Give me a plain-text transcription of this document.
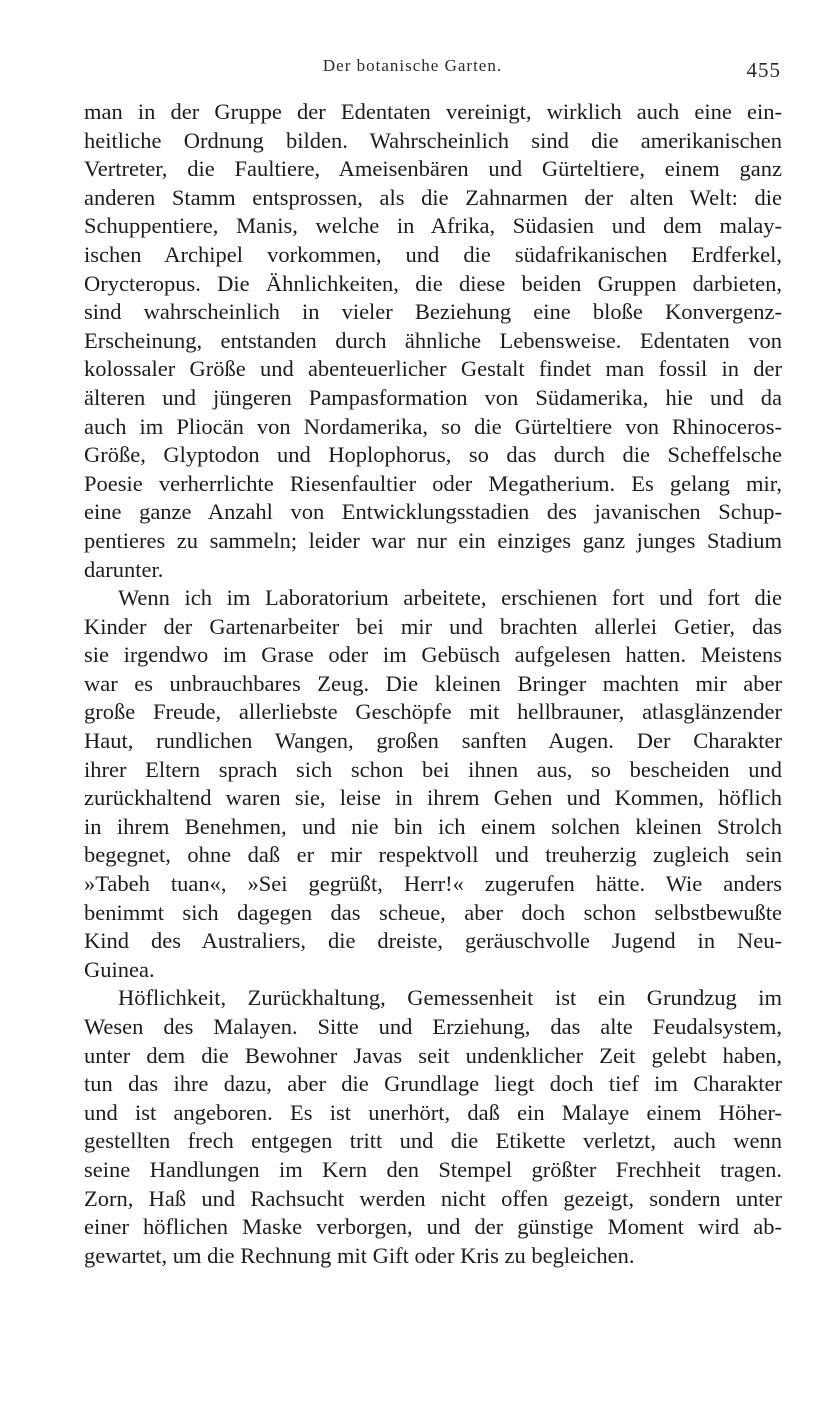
Der botanische Garten.	455
man in der Gruppe der Edentaten vereinigt, wirklich auch eine ein-
heitliche Ordnung bilden. Wahrscheinlich sind die amerikanischen
Vertreter, die Faultiere, Ameisenbären und Gürteltiere, einem ganz
anderen Stamm entsprossen, als die Zahnarmen der alten Welt: die
Schuppentiere, Manis, welche in Afrika, Südasien und dem malay-
ischen Archipel vorkommen, und die südafrikanischen Erdferkel,
Orycteropus. Die Ähnlichkeiten, die diese beiden Gruppen darbieten,
sind wahrscheinlich in vieler Beziehung eine bloße Konvergenz-
Erscheinung, entstanden durch ähnliche Lebensweise. Edentaten von
kolossaler Größe und abenteuerlicher Gestalt findet man fossil in der
älteren und jüngeren Pampasformation von Südamerika, hie und da
auch im Pliocän von Nordamerika, so die Gürteltiere von Rhinoceros-
Größe, Glyptodon und Hoplophorus, so das durch die Scheffelsche
Poesie verherrlichte Riesenfaultier oder Megatherium. Es gelang mir,
eine ganze Anzahl von Entwicklungsstadien des javanischen Schup-
pentieres zu sammeln; leider war nur ein einziges ganz junges Stadium
darunter.
Wenn ich im Laboratorium arbeitete, erschienen fort und fort die
Kinder der Gartenarbeiter bei mir und brachten allerlei Getier, das
sie irgendwo im Grase oder im Gebüsch aufgelesen hatten. Meistens
war es unbrauchbares Zeug. Die kleinen Bringer machten mir aber
große Freude, allerliebste Geschöpfe mit hellbrauner, atlasglänzender
Haut, rundlichen Wangen, großen sanften Augen. Der Charakter
ihrer Eltern sprach sich schon bei ihnen aus, so bescheiden und
zurückhaltend waren sie, leise in ihrem Gehen und Kommen, höflich
in ihrem Benehmen, und nie bin ich einem solchen kleinen Strolch
begegnet, ohne daß er mir respektvoll und treuherzig zugleich sein
»Tabeh tuan«, »Sei gegrüßt, Herr!« zugerufen hätte. Wie anders
benimmt sich dagegen das scheue, aber doch schon selbstbewußte
Kind des Australiers, die dreiste, geräuschvolle Jugend in Neu-
Guinea.
Höflichkeit, Zurückhaltung, Gemessenheit ist ein Grundzug im
Wesen des Malayen. Sitte und Erziehung, das alte Feudalsystem,
unter dem die Bewohner Javas seit undenklicher Zeit gelebt haben,
tun das ihre dazu, aber die Grundlage liegt doch tief im Charakter
und ist angeboren. Es ist unerhört, daß ein Malaye einem Höher-
gestellten frech entgegen tritt und die Etikette verletzt, auch wenn
seine Handlungen im Kern den Stempel größter Frechheit tragen.
Zorn, Haß und Rachsucht werden nicht offen gezeigt, sondern unter
einer höflichen Maske verborgen, und der günstige Moment wird ab-
gewartet, um die Rechnung mit Gift oder Kris zu begleichen.
